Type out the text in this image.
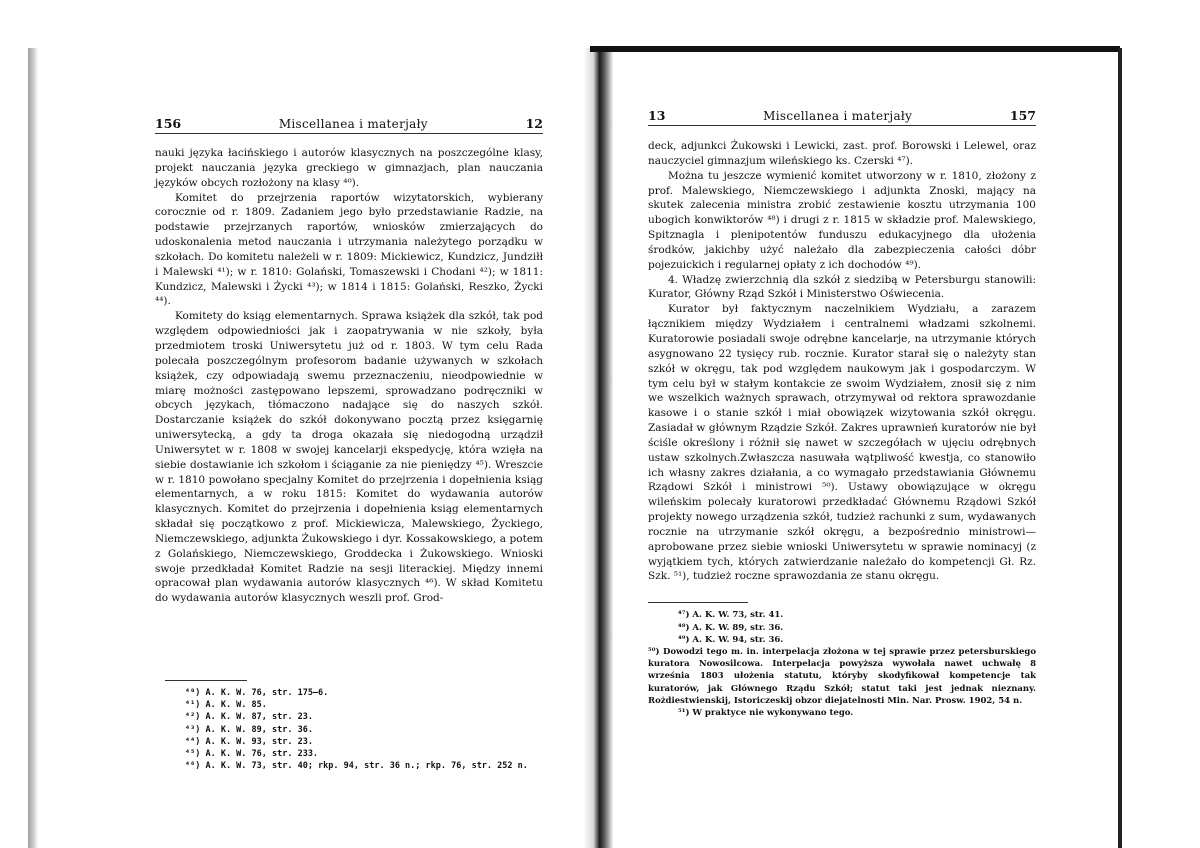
156	Miscellanea i materjały	12

nauki języka łacińskiego i autorów klasycznych na poszczególne klasy, projekt nauczania języka greckiego w gimnazjach, plan nauczania języków obcych rozłożony na klasy ⁴⁰).

Komitet do przejrzenia raportów wizytatorskich, wybierany corocznie od r. 1809. Zadaniem jego było przedstawianie Radzie, na podstawie przejrzanych raportów, wniosków zmierzających do udoskonalenia metod nauczania i utrzymania należytego porządku w szkołach. Do komitetu należeli w r. 1809: Mickiewicz, Kundzicz, Jundziłł i Malewski ⁴¹); w r. 1810: Golański, Tomaszewski i Chodani ⁴²); w 1811: Kundzicz, Malewski i Życki ⁴³); w 1814 i 1815: Golański, Reszko, Życki ⁴⁴).

Komitety do ksiąg elementarnych. Sprawa książek dla szkół, tak pod względem odpowiedniości jak i zaopatrywania w nie szkoły, była przedmiotem troski Uniwersytetu już od r. 1803. W tym celu Rada polecała poszczególnym profesorom badanie używanych w szkołach książek, czy odpowiadają swemu przeznaczeniu, nieodpowiednie w miarę możności zastępowano lepszemi, sprowadzano podręczniki w obcych językach, tłómaczono nadające się do naszych szkół. Dostarczanie książek do szkół dokonywano pocztą przez księgarnię uniwersytecką, a gdy ta droga okazała się niedogodną urządził Uniwersytet w r. 1808 w swojej kancelarji ekspedycję, która wzięła na siebie dostawianie ich szkołom i ściąganie za nie pieniędzy ⁴⁵). Wreszcie w r. 1810 powołano specjalny Komitet do przejrzenia i dopełnienia ksiąg elementarnych, a w roku 1815: Komitet do wydawania autorów klasycznych. Komitet do przejrzenia i dopełnienia ksiąg elementarnych składał się początkowo z prof. Mickiewicza, Malewskiego, Życkiego, Niemczewskiego, adjunkta Żukowskiego i dyr. Kossakowskiego, a potem z Golańskiego, Niemczewskiego, Groddecka i Żukowskiego. Wnioski swoje przedkładał Komitet Radzie na sesji literackiej. Między innemi opracował plan wydawania autorów klasycznych ⁴⁶). W skład Komitetu do wydawania autorów klasycznych weszli prof. Grod-

⁴⁰) A. K. W. 76, str. 175—6.
⁴¹) A. K. W. 85.
⁴²) A. K. W. 87, str. 23.
⁴³) A. K. W. 89, str. 36.
⁴⁴) A. K. W. 93, str. 23.
⁴⁵) A. K. W. 76, str. 233.
⁴⁶) A. K. W. 73, str. 40; rkp. 94, str. 36 n.; rkp. 76, str. 252 n.
13	Miscellanea i materjały	157

deck, adjunkci Żukowski i Lewicki, zast. prof. Borowski i Lelewel, oraz nauczyciel gimnazjum wileńskiego ks. Czerski ⁴⁷).

Można tu jeszcze wymienić komitet utworzony w r. 1810, złożony z prof. Malewskiego, Niemczewskiego i adjunkta Znoski, mający na skutek zalecenia ministra zrobić zestawienie kosztu utrzymania 100 ubogich konwiktorów ⁴⁸) i drugi z r. 1815 w składzie prof. Malewskiego, Spitznagla i plenipotentów funduszu edukacyjnego dla ułożenia środków, jakichby użyć należało dla zabezpieczenia całości dóbr pojezuickich i regularnej opłaty z ich dochodów ⁴⁹).

4. Władzę zwierzchnią dla szkół z siedzibą w Petersburgu stanowili: Kurator, Główny Rząd Szkół i Ministerstwo Oświecenia.

Kurator był faktycznym naczelnikiem Wydziału, a zarazem łącznikiem między Wydziałem i centralnemi władzami szkolnemi. Kuratorowie posiadali swoje odrębne kancelarje, na utrzymanie których asygnowano 22 tysięcy rub. rocznie. Kurator starał się o należyty stan szkół w okręgu, tak pod względem naukowym jak i gospodarczym. W tym celu był w stałym kontakcie ze swoim Wydziałem, znosił się z nim we wszelkich ważnych sprawach, otrzymywał od rektora sprawozdanie kasowe i o stanie szkół i miał obowiązek wizytowania szkół okręgu. Zasiadał w głównym Rządzie Szkół. Zakres uprawnień kuratorów nie był ściśle określony i różnił się nawet w szczegółach w ujęciu odrębnych ustaw szkolnych.Zwłaszcza nasuwała wątpliwość kwestja, co stanowiło ich własny zakres działania, a co wymagało przedstawiania Głównemu Rządowi Szkół i ministrowi ⁵⁰). Ustawy obowiązujące w okręgu wileńskim polecały kuratorowi przedkładać Głównemu Rządowi Szkół projekty nowego urządzenia szkół, tudzież rachunki z sum, wydawanych rocznie na utrzymanie szkół okręgu, a bezpośrednio ministrowi—aprobowane przez siebie wnioski Uniwersytetu w sprawie nominacyj (z wyjątkiem tych, których zatwierdzanie należało do kompetencji Gł. Rz. Szk. ⁵¹), tudzież roczne sprawozdania ze stanu okręgu.

⁴⁷) A. K. W. 73, str. 41.
⁴⁸) A. K. W. 89, str. 36.
⁴⁹) A. K. W. 94, str. 36.
⁵⁰) Dowodzi tego m. in. interpelacja złożona w tej sprawie przez petersburskiego kuratora Nowosilcowa. Interpelacja powyższa wywołała nawet uchwałę 8 września 1803 ułożenia statutu, któryby skodyfikował kompetencje tak kuratorów, jak Głównego Rządu Szkół; statut taki jest jednak nieznany. Rożdiestwienskij, Istoriczeskij obzor diejatelnosti Min. Nar. Prosw. 1902, 54 n.
⁵¹) W praktyce nie wykonywano tego.
